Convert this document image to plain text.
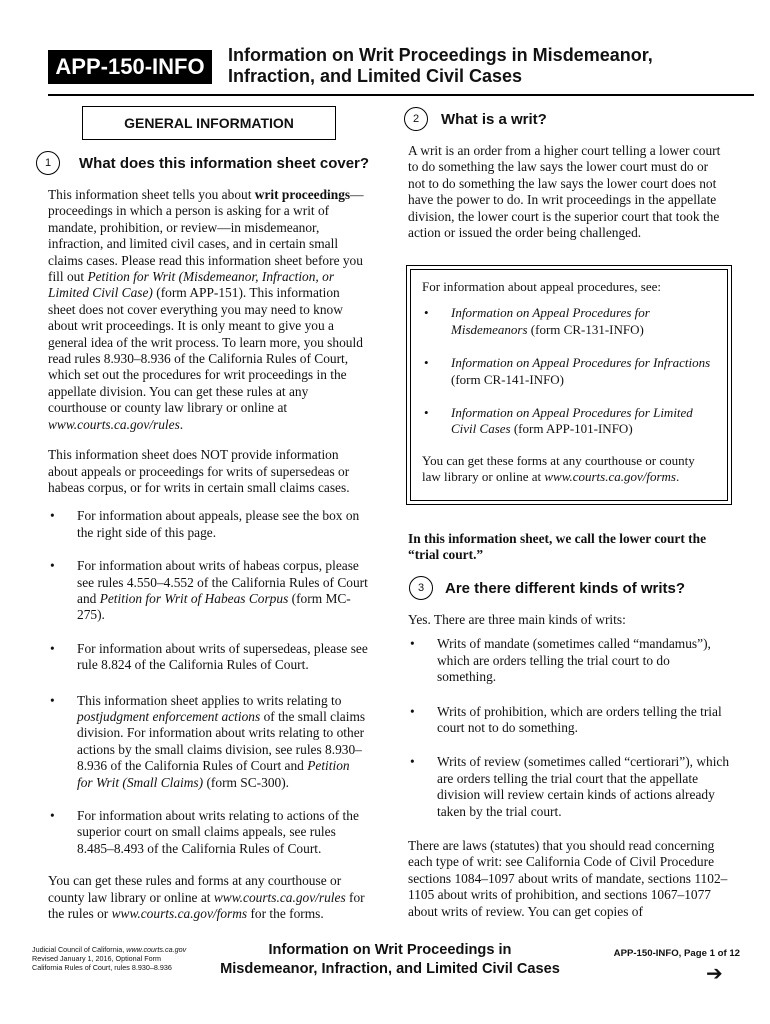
APP-150-INFO	Information on Writ Proceedings in Misdemeanor,
Infraction, and Limited Civil Cases
GENERAL INFORMATION
1	What does this information sheet cover?

This information sheet tells you about writ proceedings—proceedings in which a person is asking for a writ of mandate, prohibition, or review—in misdemeanor, infraction, and limited civil cases, and in certain small claims cases. Please read this information sheet before you fill out Petition for Writ (Misdemeanor, Infraction, or Limited Civil Case) (form APP-151). This information sheet does not cover everything you may need to know about writ proceedings. It is only meant to give you a general idea of the writ process. To learn more, you should read rules 8.930–8.936 of the California Rules of Court, which set out the procedures for writ proceedings in the appellate division. You can get these rules at any courthouse or county law library or online at www.courts.ca.gov/rules.

This information sheet does NOT provide information about appeals or proceedings for writs of supersedeas or habeas corpus, or for writs in certain small claims cases.

• For information about appeals, please see the box on the right side of this page.
• For information about writs of habeas corpus, please see rules 4.550–4.552 of the California Rules of Court and Petition for Writ of Habeas Corpus (form MC-275).
• For information about writs of supersedeas, please see rule 8.824 of the California Rules of Court.
• This information sheet applies to writs relating to postjudgment enforcement actions of the small claims division. For information about writs relating to other actions by the small claims division, see rules 8.930–8.936 of the California Rules of Court and Petition for Writ (Small Claims) (form SC-300).
• For information about writs relating to actions of the superior court on small claims appeals, see rules 8.485–8.493 of the California Rules of Court.

You can get these rules and forms at any courthouse or county law library or online at www.courts.ca.gov/rules for the rules or www.courts.ca.gov/forms for the forms.

2	What is a writ?

A writ is an order from a higher court telling a lower court to do something the law says the lower court must do or not to do something the law says the lower court does not have the power to do. In writ proceedings in the appellate division, the lower court is the superior court that took the action or issued the order being challenged.

For information about appeal procedures, see:
• Information on Appeal Procedures for Misdemeanors (form CR-131-INFO)
• Information on Appeal Procedures for Infractions (form CR-141-INFO)
• Information on Appeal Procedures for Limited Civil Cases (form APP-101-INFO)
You can get these forms at any courthouse or county law library or online at www.courts.ca.gov/forms.
In this information sheet, we call the lower court the “trial court.”
3	Are there different kinds of writs?

Yes. There are three main kinds of writs:

• Writs of mandate (sometimes called “mandamus”), which are orders telling the trial court to do something.
• Writs of prohibition, which are orders telling the trial court not to do something.
• Writs of review (sometimes called “certiorari”), which are orders telling the trial court that the appellate division will review certain kinds of actions already taken by the trial court.

There are laws (statutes) that you should read concerning each type of writ: see California Code of Civil Procedure sections 1084–1097 about writs of mandate, sections 1102–1105 about writs of prohibition, and sections 1067–1077 about writs of review. You can get copies of

Judicial Council of California, www.courts.ca.gov
Revised January 1, 2016, Optional Form
California Rules of Court, rules 8.930–8.936
Information on Writ Proceedings in
Misdemeanor, Infraction, and Limited Civil Cases
APP-150-INFO, Page 1 of 12
➔
